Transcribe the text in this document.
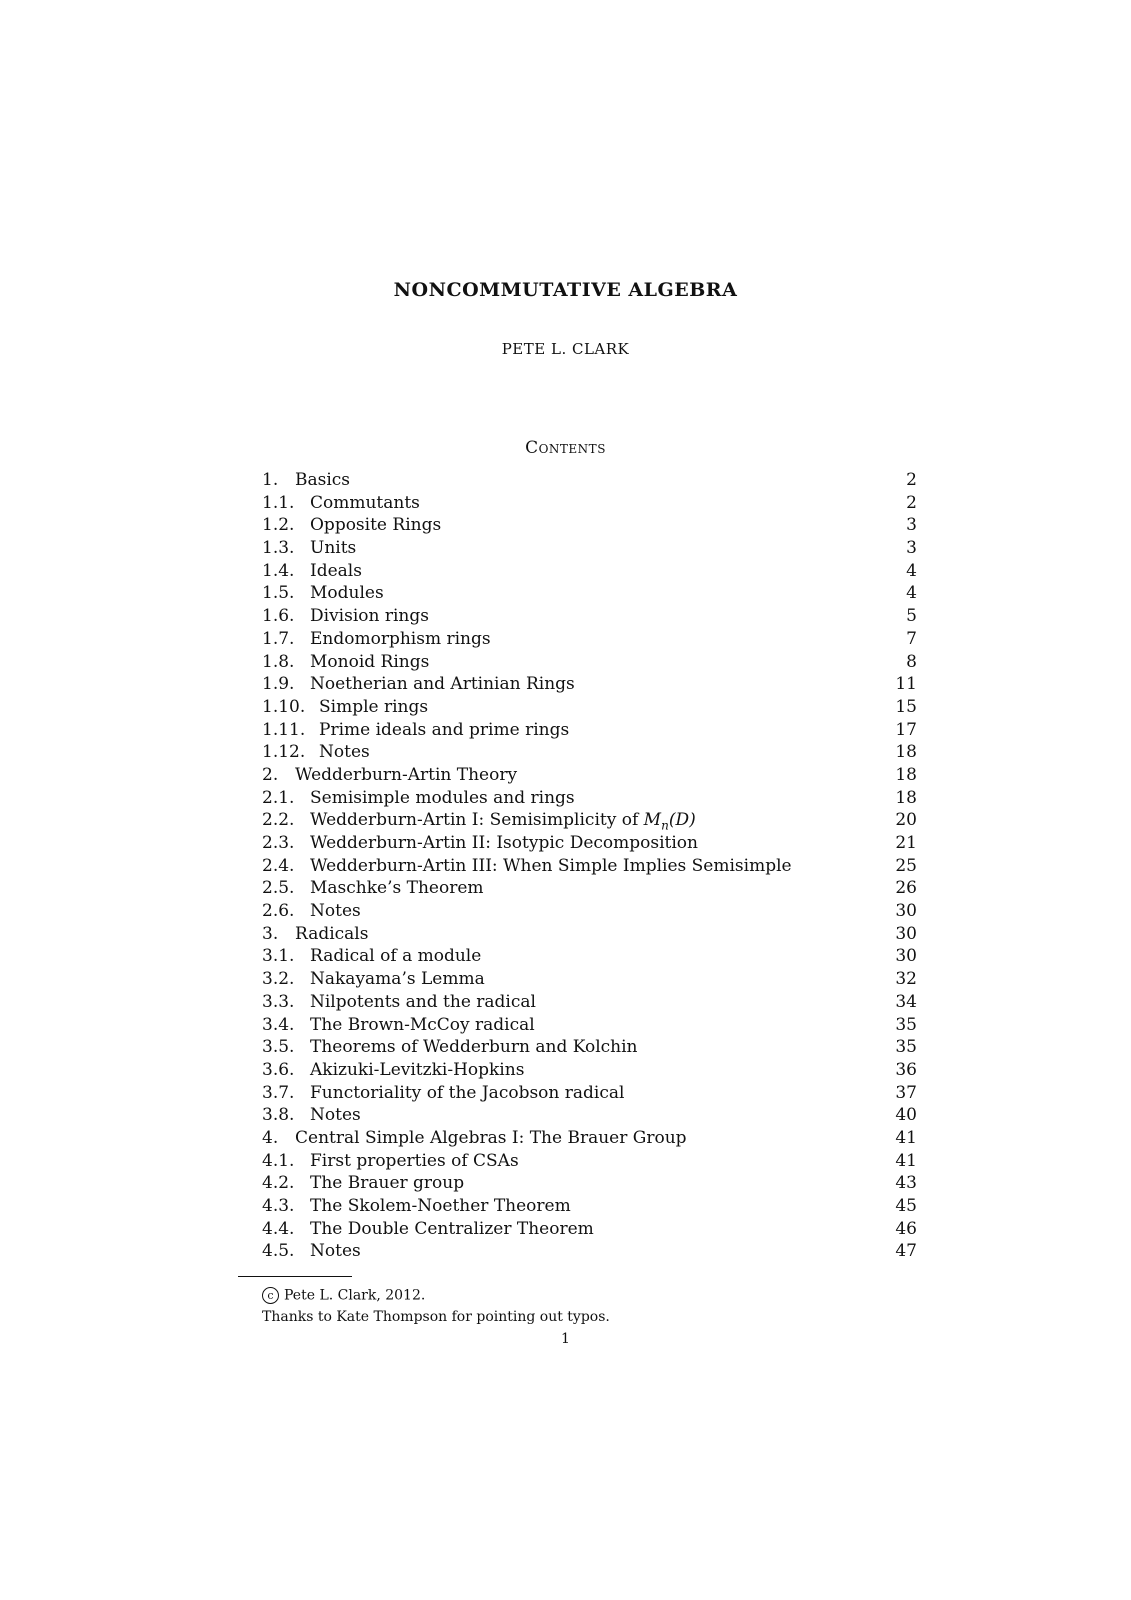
NONCOMMUTATIVE ALGEBRA
PETE L. CLARK
Contents
1. Basics	2
1.1. Commutants	2
1.2. Opposite Rings	3
1.3. Units	3
1.4. Ideals	4
1.5. Modules	4
1.6. Division rings	5
1.7. Endomorphism rings	7
1.8. Monoid Rings	8
1.9. Noetherian and Artinian Rings	11
1.10. Simple rings	15
1.11. Prime ideals and prime rings	17
1.12. Notes	18
2. Wedderburn-Artin Theory	18
2.1. Semisimple modules and rings	18
2.2. Wedderburn-Artin I: Semisimplicity of $M_n(D)$	20
2.3. Wedderburn-Artin II: Isotypic Decomposition	21
2.4. Wedderburn-Artin III: When Simple Implies Semisimple	25
2.5. Maschke’s Theorem	26
2.6. Notes	30
3. Radicals	30
3.1. Radical of a module	30
3.2. Nakayama’s Lemma	32
3.3. Nilpotents and the radical	34
3.4. The Brown-McCoy radical	35
3.5. Theorems of Wedderburn and Kolchin	35
3.6. Akizuki-Levitzki-Hopkins	36
3.7. Functoriality of the Jacobson radical	37
3.8. Notes	40
4. Central Simple Algebras I: The Brauer Group	41
4.1. First properties of CSAs	41
4.2. The Brauer group	43
4.3. The Skolem-Noether Theorem	45
4.4. The Double Centralizer Theorem	46
4.5. Notes	47
c Pete L. Clark, 2012.
Thanks to Kate Thompson for pointing out typos.
1
